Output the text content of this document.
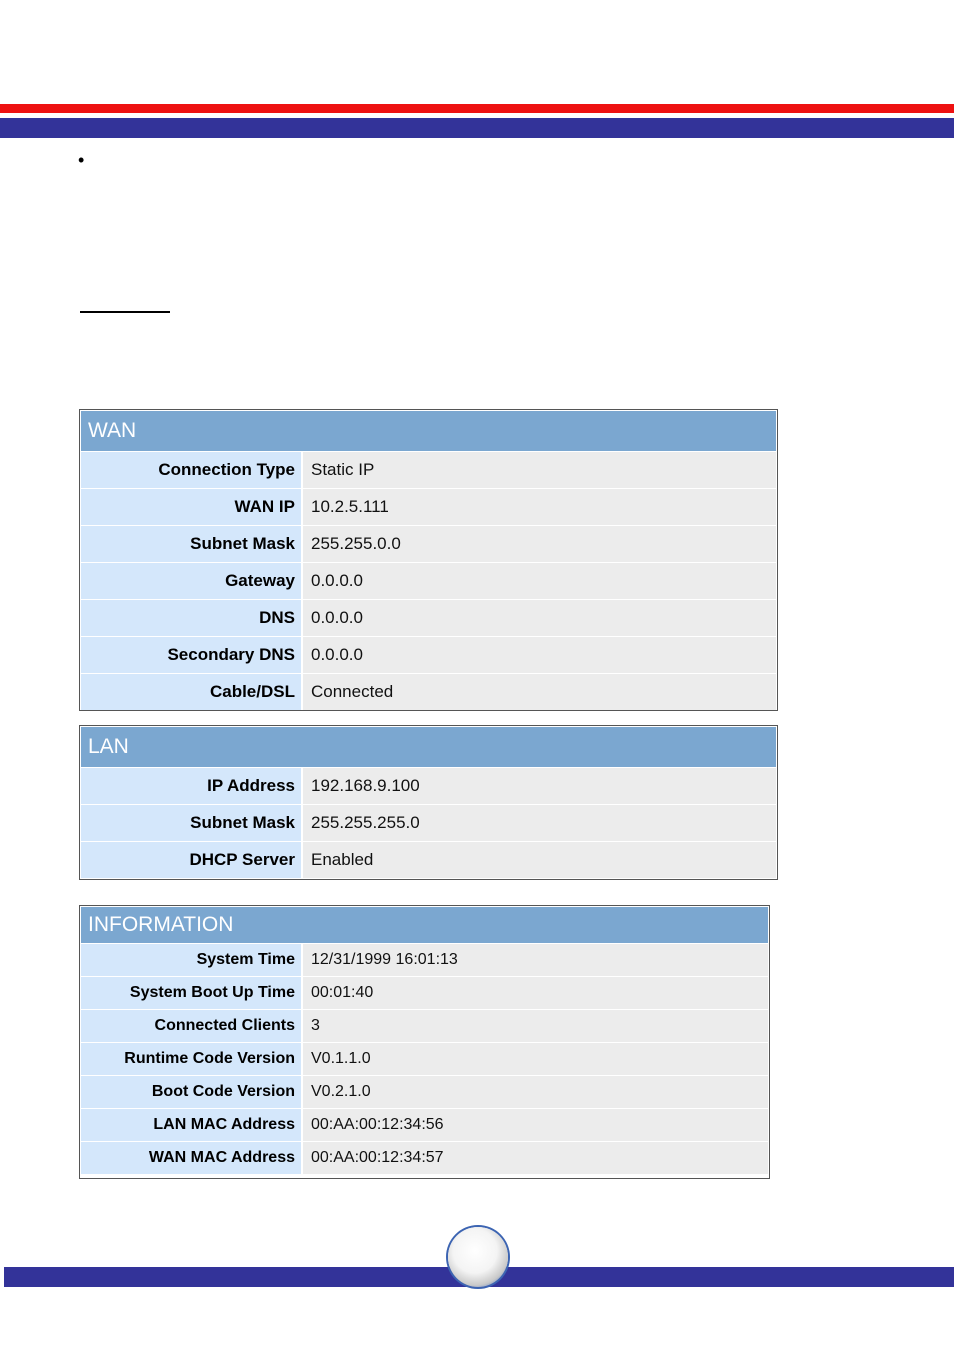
•
WAN
Connection Type Static IP
WAN IP 10.2.5.111
Subnet Mask 255.255.0.0
Gateway 0.0.0.0
DNS 0.0.0.0
Secondary DNS 0.0.0.0
Cable/DSL Connected
LAN
IP Address 192.168.9.100
Subnet Mask 255.255.255.0
DHCP Server Enabled
INFORMATION
System Time	12/31/1999 16:01:13
System Boot Up Time	00:01:40
Connected Clients	3
Runtime Code Version	V0.1.1.0
Boot Code Version	V0.2.1.0
LAN MAC Address	00:AA:00:12:34:56
WAN MAC Address	00:AA:00:12:34:57
